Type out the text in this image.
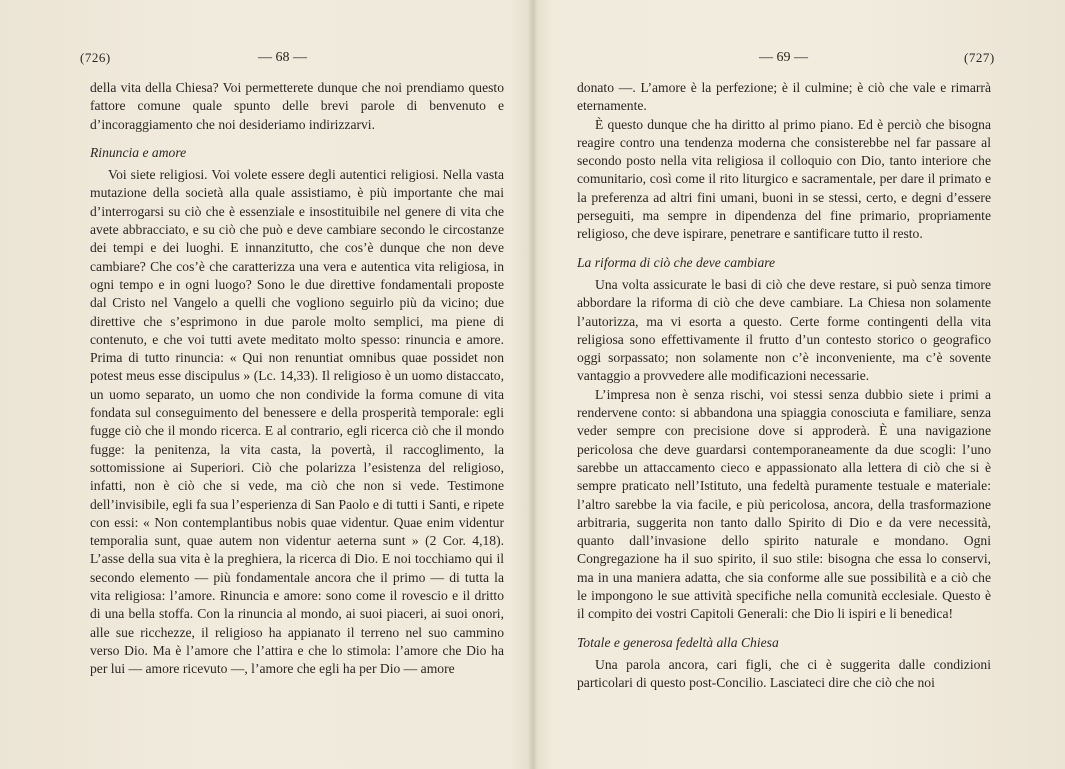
(726)	— 68 —

della vita della Chiesa? Voi permetterete dunque che noi prendiamo questo fattore comune quale spunto delle brevi parole di benvenuto e d’incoraggiamento che noi desideriamo indirizzarvi.

Rinuncia e amore

Voi siete religiosi. Voi volete essere degli autentici religiosi. Nella vasta mutazione della società alla quale assistiamo, è più importante che mai d’interrogarsi su ciò che è essenziale e insostituibile nel genere di vita che avete abbracciato, e su ciò che può e deve cambiare secondo le circostanze dei tempi e dei luoghi. E innanzitutto, che cos’è dunque che non deve cambiare? Che cos’è che caratterizza una vera e autentica vita religiosa, in ogni tempo e in ogni luogo? Sono le due direttive fondamentali proposte dal Cristo nel Vangelo a quelli che vogliono seguirlo più da vicino; due direttive che s’esprimono in due parole molto semplici, ma piene di contenuto, e che voi tutti avete meditato molto spesso: rinuncia e amore. Prima di tutto rinuncia: « Qui non renuntiat omnibus quae possidet non potest meus esse discipulus » (Lc. 14,33). Il religioso è un uomo distaccato, un uomo separato, un uomo che non condivide la forma comune di vita fondata sul conseguimento del benessere e della prosperità temporale: egli fugge ciò che il mondo ricerca. E al contrario, egli ricerca ciò che il mondo fugge: la penitenza, la vita casta, la povertà, il raccoglimento, la sottomissione ai Superiori. Ciò che polarizza l’esistenza del religioso, infatti, non è ciò che si vede, ma ciò che non si vede. Testimone dell’invisibile, egli fa sua l’esperienza di San Paolo e di tutti i Santi, e ripete con essi: « Non contemplantibus nobis quae videntur. Quae enim videntur temporalia sunt, quae autem non videntur aeterna sunt » (2 Cor. 4,18). L’asse della sua vita è la preghiera, la ricerca di Dio. E noi tocchiamo qui il secondo elemento — più fondamentale ancora che il primo — di tutta la vita religiosa: l’amore. Rinuncia e amore: sono come il rovescio e il dritto di una bella stoffa. Con la rinuncia al mondo, ai suoi piaceri, ai suoi onori, alle sue ricchezze, il religioso ha appianato il terreno nel suo cammino verso Dio. Ma è l’amore che l’attira e che lo stimola: l’amore che Dio ha per lui — amore ricevuto —, l’amore che egli ha per Dio — amore

— 69 —	(727)

donato —. L’amore è la perfezione; è il culmine; è ciò che vale e rimarrà eternamente.

È questo dunque che ha diritto al primo piano. Ed è perciò che bisogna reagire contro una tendenza moderna che consisterebbe nel far passare al secondo posto nella vita religiosa il colloquio con Dio, tanto interiore che comunitario, così come il rito liturgico e sacramentale, per dare il primato e la preferenza ad altri fini umani, buoni in se stessi, certo, e degni d’essere perseguiti, ma sempre in dipendenza del fine primario, propriamente religioso, che deve ispirare, penetrare e santificare tutto il resto.

La riforma di ciò che deve cambiare

Una volta assicurate le basi di ciò che deve restare, si può senza timore abbordare la riforma di ciò che deve cambiare. La Chiesa non solamente l’autorizza, ma vi esorta a questo. Certe forme contingenti della vita religiosa sono effettivamente il frutto d’un contesto storico o geografico oggi sorpassato; non solamente non c’è inconveniente, ma c’è sovente vantaggio a provvedere alle modificazioni necessarie.

L’impresa non è senza rischi, voi stessi senza dubbio siete i primi a rendervene conto: si abbandona una spiaggia conosciuta e familiare, senza veder sempre con precisione dove si approderà. È una navigazione pericolosa che deve guardarsi contemporaneamente da due scogli: l’uno sarebbe un attaccamento cieco e appassionato alla lettera di ciò che si è sempre praticato nell’Istituto, una fedeltà puramente testuale e materiale: l’altro sarebbe la via facile, e più pericolosa, ancora, della trasformazione arbitraria, suggerita non tanto dallo Spirito di Dio e da vere necessità, quanto dall’invasione dello spirito naturale e mondano. Ogni Congregazione ha il suo spirito, il suo stile: bisogna che essa lo conservi, ma in una maniera adatta, che sia conforme alle sue possibilità e a ciò che le impongono le sue attività specifiche nella comunità ecclesiale. Questo è il compito dei vostri Capitoli Generali: che Dio li ispiri e li benedica!

Totale e generosa fedeltà alla Chiesa

Una parola ancora, cari figli, che ci è suggerita dalle condizioni particolari di questo post-Concilio. Lasciateci dire che ciò che noi
